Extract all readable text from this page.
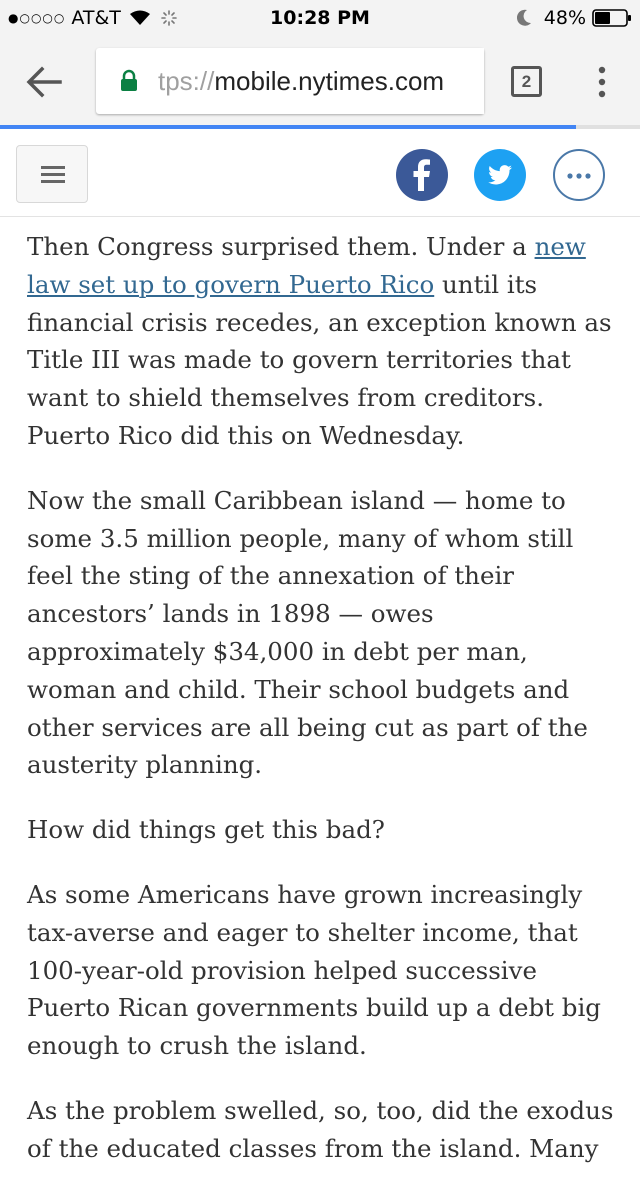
●○○○○ AT&T	10:28 PM	48%
tps://mobile.nytimes.com	2

Then Congress surprised them. Under a new law set up to govern Puerto Rico until its financial crisis recedes, an exception known as Title III was made to govern territories that want to shield themselves from creditors. Puerto Rico did this on Wednesday.

Now the small Caribbean island — home to some 3.5 million people, many of whom still feel the sting of the annexation of their ancestors’ lands in 1898 — owes approximately $34,000 in debt per man, woman and child. Their school budgets and other services are all being cut as part of the austerity planning.

How did things get this bad?

As some Americans have grown increasingly tax-averse and eager to shelter income, that 100-year-old provision helped successive Puerto Rican governments build up a debt big enough to crush the island.

As the problem swelled, so, too, did the exodus of the educated classes from the island. Many
